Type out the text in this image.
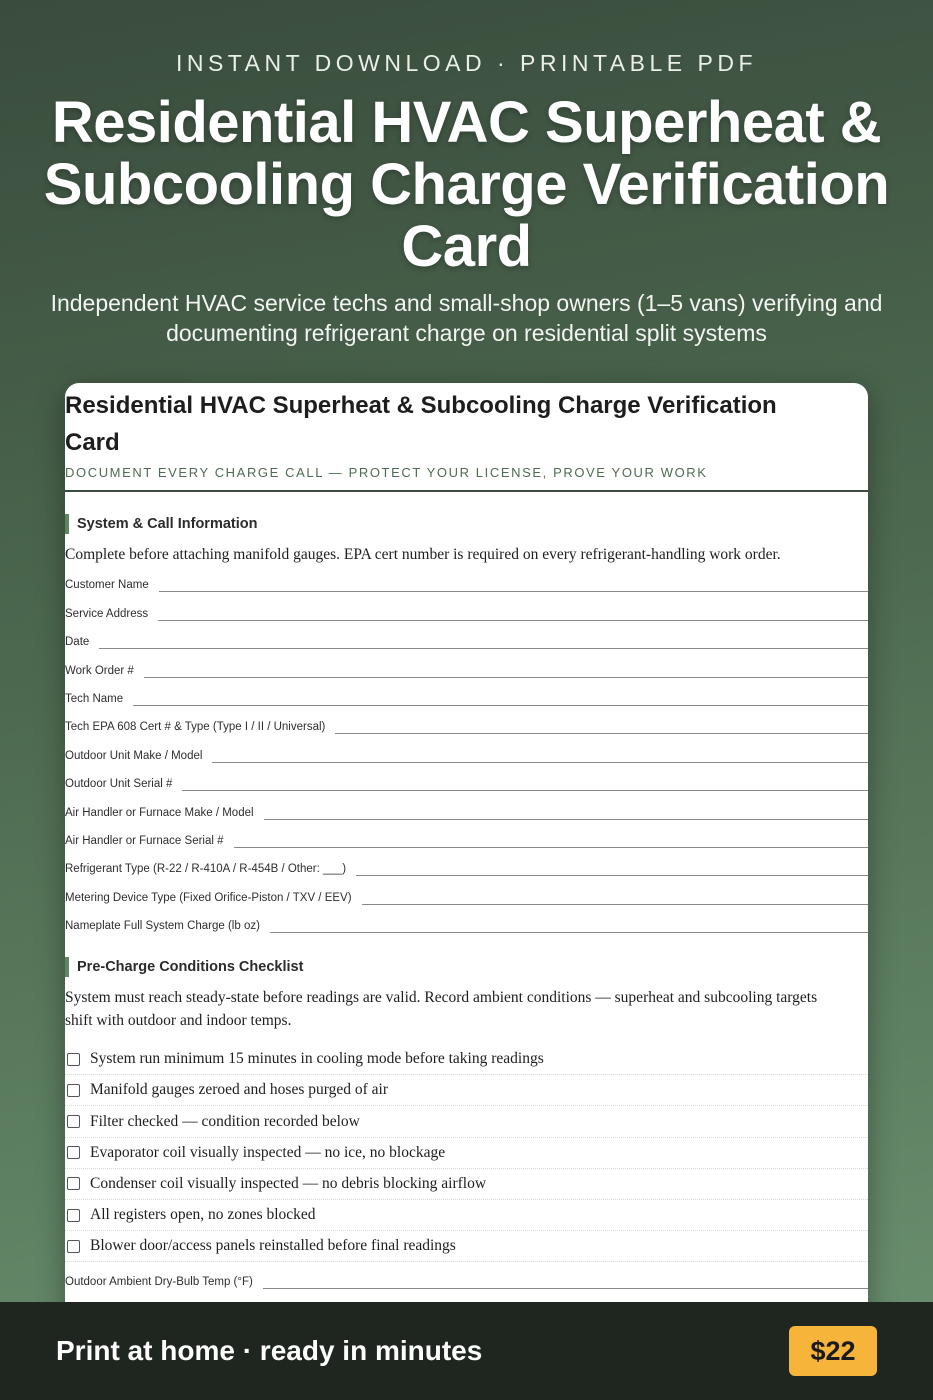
INSTANT DOWNLOAD · PRINTABLE PDF
Residential HVAC Superheat & Subcooling Charge Verification Card
Independent HVAC service techs and small-shop owners (1–5 vans) verifying and documenting refrigerant charge on residential split systems
Residential HVAC Superheat & Subcooling Charge Verification Card
DOCUMENT EVERY CHARGE CALL — PROTECT YOUR LICENSE, PROVE YOUR WORK
System & Call Information
Complete before attaching manifold gauges. EPA cert number is required on every refrigerant-handling work order.
Customer Name
Service Address
Date
Work Order #
Tech Name
Tech EPA 608 Cert # & Type (Type I / II / Universal)
Outdoor Unit Make / Model
Outdoor Unit Serial #
Air Handler or Furnace Make / Model
Air Handler or Furnace Serial #
Refrigerant Type (R-22 / R-410A / R-454B / Other: ___)
Metering Device Type (Fixed Orifice-Piston / TXV / EEV)
Nameplate Full System Charge (lb oz)
Pre-Charge Conditions Checklist
System must reach steady-state before readings are valid. Record ambient conditions — superheat and subcooling targets shift with outdoor and indoor temps.
System run minimum 15 minutes in cooling mode before taking readings
Manifold gauges zeroed and hoses purged of air
Filter checked — condition recorded below
Evaporator coil visually inspected — no ice, no blockage
Condenser coil visually inspected — no debris blocking airflow
All registers open, no zones blocked
Blower door/access panels reinstalled before final readings
Outdoor Ambient Dry-Bulb Temp (°F)
Print at home · ready in minutes	$22
